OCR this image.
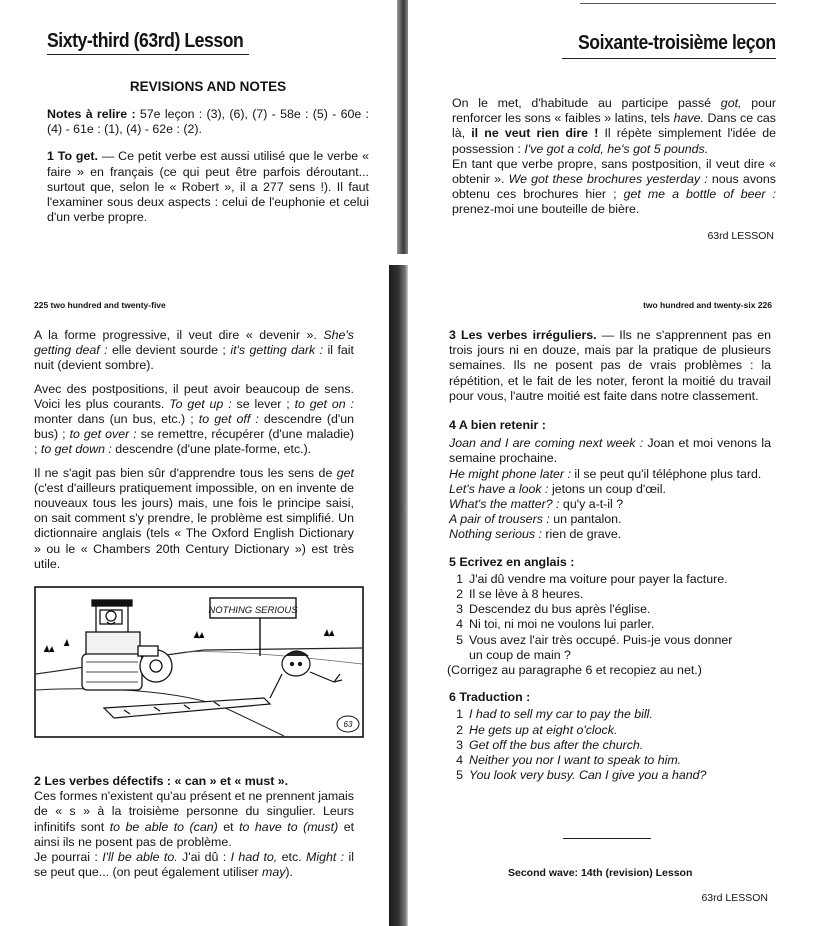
Sixty-third (63rd) Lesson
REVISIONS AND NOTES

Notes à relire : 57e leçon : (3), (6), (7) - 58e : (5) - 60e : (4) - 61e : (1), (4) - 62e : (2).

1 To get. — Ce petit verbe est aussi utilisé que le verbe « faire » en français (ce qui peut être parfois déroutant... surtout que, selon le « Robert », il a 277 sens !). Il faut l'examiner sous deux aspects : celui de l'euphonie et celui d'un verbe propre.

Soixante-troisième leçon

On le met, d'habitude au participe passé got, pour renforcer les sons « faibles » latins, tels have. Dans ce cas là, il ne veut rien dire ! Il répète simplement l'idée de possession : I've got a cold, he's got 5 pounds.

En tant que verbe propre, sans postposition, il veut dire « obtenir ». We got these brochures yesterday : nous avons obtenu ces brochures hier ; get me a bottle of beer : prenez-moi une bouteille de bière.

63rd LESSON
225 two hundred and twenty-five

A la forme progressive, il veut dire « devenir ». She's getting deaf : elle devient sourde ; it's getting dark : il fait nuit (devient sombre).

Avec des postpositions, il peut avoir beaucoup de sens. Voici les plus courants. To get up : se lever ; to get on : monter dans (un bus, etc.) ; to get off : descendre (d'un bus) ; to get over : se remettre, récupérer (d'une maladie) ; to get down : descendre (d'une plate-forme, etc.).

Il ne s'agit pas bien sûr d'apprendre tous les sens de get (c'est d'ailleurs pratiquement impossible, on en invente de nouveaux tous les jours) mais, une fois le principe saisi, on sait comment s'y prendre, le problème est simplifié. Un dictionnaire anglais (tels « The Oxford English Dictionary » ou le « Chambers 20th Century Dictionary ») est très utile.

NOTHING SERIOUS
63
2 Les verbes défectifs : « can » et « must ».
Ces formes n'existent qu'au présent et ne prennent jamais de « s » à la troisième personne du singulier. Leurs infinitifs sont to be able to (can) et to have to (must) et ainsi ils ne posent pas de problème.
Je pourrai : I'll be able to. J'ai dû : I had to, etc. Might : il se peut que... (on peut également utiliser may).
two hundred and twenty-six 226

3 Les verbes irréguliers. — Ils ne s'apprennent pas en trois jours ni en douze, mais par la pratique de plusieurs semaines. Ils ne posent pas de vrais problèmes : la répétition, et le fait de les noter, feront la moitié du travail pour vous, l'autre moitié est faite dans notre classement.

4 A bien retenir :
Joan and I are coming next week : Joan et moi venons la semaine prochaine.
He might phone later : il se peut qu'il téléphone plus tard.
Let's have a look : jetons un coup d'œil.
What's the matter? : qu'y a-t-il ?
A pair of trousers : un pantalon.
Nothing serious : rien de grave.
5 Ecrivez en anglais :
1 J'ai dû vendre ma voiture pour payer la facture.
2 Il se lève à 8 heures.
3 Descendez du bus après l'église.
4 Ni toi, ni moi ne voulons lui parler.
5 Vous avez l'air très occupé. Puis-je vous donner
un coup de main ?
(Corrigez au paragraphe 6 et recopiez au net.)
6 Traduction :
1 I had to sell my car to pay the bill.
2 He gets up at eight o'clock.
3 Get off the bus after the church.
4 Neither you nor I want to speak to him.
5 You look very busy. Can I give you a hand?
Second wave: 14th (revision) Lesson
63rd LESSON
